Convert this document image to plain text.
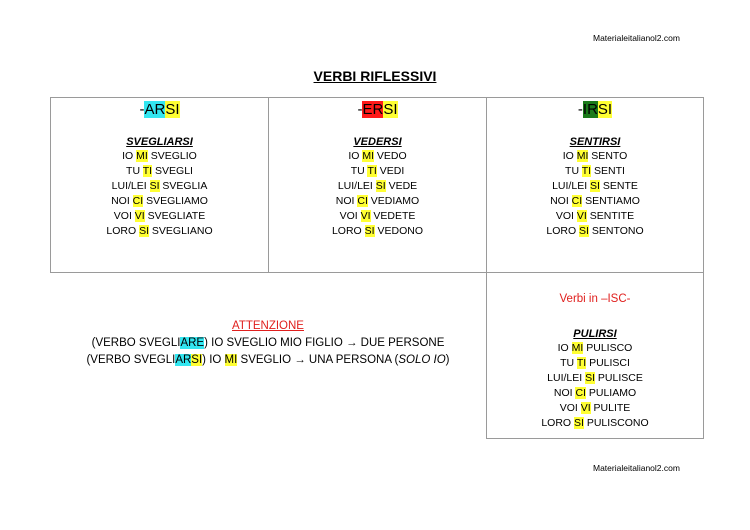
Materialeitalianol2.com
VERBI RIFLESSIVI
-ARSI
SVEGLIARSI
IO MI SVEGLIO
TU TI SVEGLI
LUI/LEI SI SVEGLIA
NOI CI SVEGLIAMO
VOI VI SVEGLIATE
LORO SI SVEGLIANO
-ERSI
VEDERSI
IO MI VEDO
TU TI VEDI
LUI/LEI SI VEDE
NOI CI VEDIAMO
VOI VI VEDETE
LORO SI VEDONO
-IRSI
SENTIRSI
IO MI SENTO
TU TI SENTI
LUI/LEI SI SENTE
NOI CI SENTIAMO
VOI VI SENTITE
LORO SI SENTONO
Verbi in –ISC-
PULIRSI
IO MI PULISCO
TU TI PULISCI
LUI/LEI SI PULISCE
NOI CI PULIAMO
VOI VI PULITE
LORO SI PULISCONO
ATTENZIONE
(VERBO SVEGLIARE) IO SVEGLIO MIO FIGLIO → DUE PERSONE
(VERBO SVEGLIARSI) IO MI SVEGLIO → UNA PERSONA (SOLO IO)
Materialeitalianol2.com
